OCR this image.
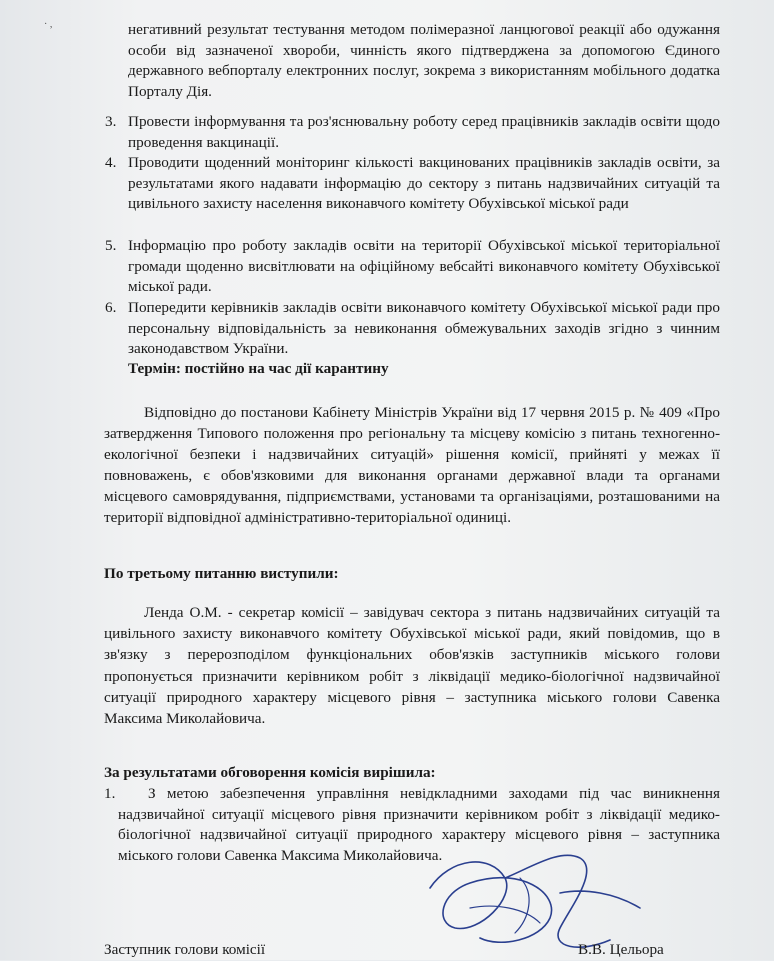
· ,	негативний результат тестування методом полімеразної ланцюгової реакції або одужання особи від зазначеної хвороби, чинність якого підтверджена за допомогою Єдиного державного вебпорталу електронних послуг, зокрема з використанням мобільного додатка Порталу Дія.
3. Провести інформування та роз'яснювальну роботу серед працівників закладів освіти щодо проведення вакцинації.
4. Проводити щоденний моніторинг кількості вакцинованих працівників закладів освіти, за результатами якого надавати інформацію до сектору з питань надзвичайних ситуацій та цивільного захисту населення виконавчого комітету Обухівської міської ради
5. Інформацію про роботу закладів освіти на території Обухівської міської територіальної громади щоденно висвітлювати на офіційному вебсайті виконавчого комітету Обухівської міської ради.
6. Попередити керівників закладів освіти виконавчого комітету Обухівської міської ради про персональну відповідальність за невиконання обмежувальних заходів згідно з чинним законодавством України.
Термін: постійно на час дії карантину
Відповідно до постанови Кабінету Міністрів України від 17 червня 2015 р. № 409 «Про затвердження Типового положення про регіональну та місцеву комісію з питань техногенно-екологічної безпеки і надзвичайних ситуацій» рішення комісії, прийняті у межах її повноважень, є обов'язковими для виконання органами державної влади та органами місцевого самоврядування, підприємствами, установами та організаціями, розташованими на території відповідної адміністративно-територіальної одиниці.
По третьому питанню виступили:
Ленда О.М. - секретар комісії – завідувач сектора з питань надзвичайних ситуацій та цивільного захисту виконавчого комітету Обухівської міської ради, який повідомив, що в зв'язку з перерозподілом функціональних обов'язків заступників міського голови пропонується призначити керівником робіт з ліквідації медико-біологічної надзвичайної ситуації природного характеру місцевого рівня – заступника міського голови Савенка Максима Миколайовича.
За результатами обговорення комісія вирішила:
1.	З метою забезпечення управління невідкладними заходами під час виникнення надзвичайної ситуації місцевого рівня призначити керівником робіт з ліквідації медико-біологічної надзвичайної ситуації природного характеру місцевого рівня – заступника міського голови Савенка Максима Миколайовича.
Заступник голови комісії	В.В. Цельора
